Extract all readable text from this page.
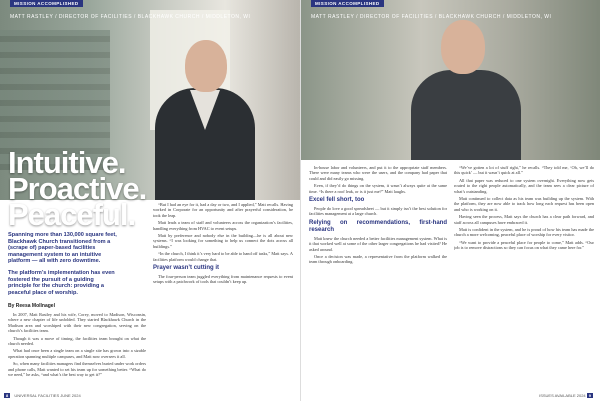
MISSION ACCOMPLISHED
MATT RASTLEY / DIRECTOR OF FACILITIES / BLACKHAWK CHURCH / MIDDLETON, WI
Intuitive.
Proactive.
Peaceful.

Spanning more than 130,000 square feet, Blackhawk Church transitioned from a (scrape of) paper-based facilities management system to an intuitive platform — all with zero downtime.

The platform’s implementation has even fostered the pursuit of a guiding principle for the church: providing a peaceful place of worship.

By Reesa Mollnagel

In 2007, Matt Rastley and his wife, Corey, moved to Madison, Wisconsin, where a new chapter of life unfolded. They started Blackhawk Church in the Madison area and worshiped with their new congregation, serving on the church’s facilities team.

Though it was a move of timing, the facilities team brought on what the church needed.

What had once been a single team on a single site has grown into a sizable operation spanning multiple campuses, and Matt now oversees it all.

So, when many facilities managers find themselves buried under work orders and phone calls, Matt wanted to set his team up for something better. “What do we need,” he asks, “and what’s the best way to get it?”

“But I had an eye for it, had a day or two, and I applied,” Matt recalls. Having worked in Corporate for an opportunity and after prayerful consideration, he took the leap.

Matt leads a team of staff and volunteers across the organization’s facilities, handling everything from HVAC to event setups.

Matt by preference and nobody else in the building—he is all about new systems. “I was looking for something to help us connect the dots across all buildings.”

“In the church, I think it’s very hard to be able to hand off tasks,” Matt says. A facilities platform would change that.

Prayer wasn’t cutting it

The four-person team juggled everything from maintenance requests to event setups with a patchwork of tools that couldn’t keep up.

8 UNIVERSAL FACILITIES JUNE 2024
MISSION ACCOMPLISHED
MATT RASTLEY / DIRECTOR OF FACILITIES / BLACKHAWK CHURCH / MIDDLETON, WI

In-house labor and volunteers, and put it to the appropriate staff members. There were many teams who were the users, and the company had paper that could and did easily go missing.

Even, if they’d do things on the system, it wasn’t always quite at the same time. “Is there a roof leak, or is it just me?” Matt laughs.

Excel fell short, too

People do love a good spreadsheet — but it simply isn’t the best solution for facilities management at a large church.

Relying on recommendations, first-hand research

Matt knew the church needed a better facilities management system. What is it that worked well at some of the other larger congregations he had visited? He asked around.

Once a decision was made, a representative from the platform walked the team through onboarding.

“We’ve gotten a lot of stuff right,” he recalls. “They told me, ‘Oh, we’ll do this quick’ — but it wasn’t quick at all.”

All that paper was reduced to one system overnight. Everything now gets routed to the right people automatically, and the team sees a clear picture of what’s outstanding.

Matt continued to collect data as his team was building up the system. With the platform, they are now able to track how long each request has been open and who is working on it.

Having seen the process, Matt says the church has a clear path forward, and staff across all campuses have embraced it.

Matt is confident in the system, and he is proud of how his team has made the church a more welcoming, peaceful place of worship for every visitor.

“We want to provide a peaceful place for people to come,” Matt adds. “Our job is to remove distractions so they can focus on what they came here for.”

ISSUES AVAILABLE 2024 9
